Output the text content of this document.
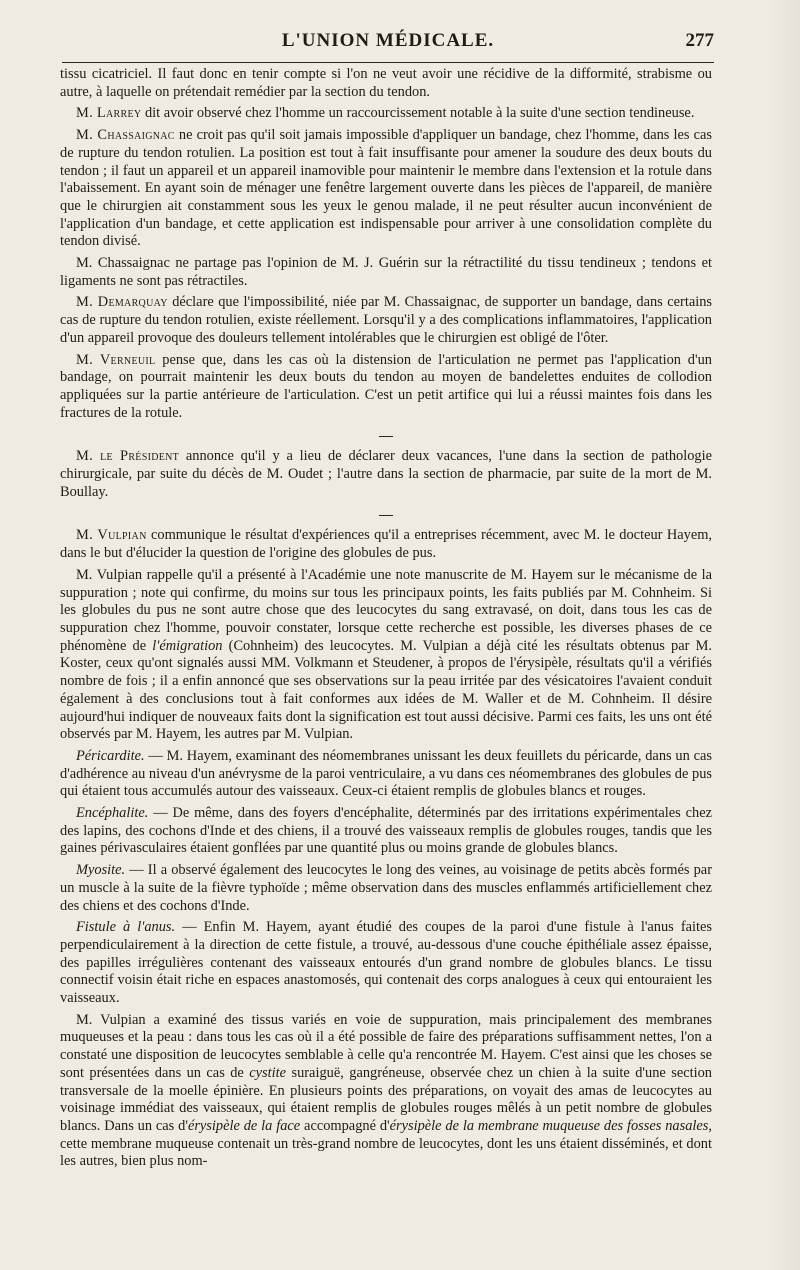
L'UNION MÉDICALE.	277

tissu cicatriciel. Il faut donc en tenir compte si l'on ne veut avoir une récidive de la difformité, strabisme ou autre, à laquelle on prétendait remédier par la section du tendon.

M. Larrey dit avoir observé chez l'homme un raccourcissement notable à la suite d'une section tendineuse.

M. Chassaignac ne croit pas qu'il soit jamais impossible d'appliquer un bandage, chez l'homme, dans les cas de rupture du tendon rotulien. La position est tout à fait insuffisante pour amener la soudure des deux bouts du tendon ; il faut un appareil et un appareil inamovible pour maintenir le membre dans l'extension et la rotule dans l'abaissement. En ayant soin de ménager une fenêtre largement ouverte dans les pièces de l'appareil, de manière que le chirurgien ait constamment sous les yeux le genou malade, il ne peut résulter aucun inconvénient de l'application d'un bandage, et cette application est indispensable pour arriver à une consolidation complète du tendon divisé.

M. Chassaignac ne partage pas l'opinion de M. J. Guérin sur la rétractilité du tissu tendineux ; tendons et ligaments ne sont pas rétractiles.

M. Demarquay déclare que l'impossibilité, niée par M. Chassaignac, de supporter un bandage, dans certains cas de rupture du tendon rotulien, existe réellement. Lorsqu'il y a des complications inflammatoires, l'application d'un appareil provoque des douleurs tellement intolérables que le chirurgien est obligé de l'ôter.

M. Verneuil pense que, dans les cas où la distension de l'articulation ne permet pas l'application d'un bandage, on pourrait maintenir les deux bouts du tendon au moyen de bandelettes enduites de collodion appliquées sur la partie antérieure de l'articulation. C'est un petit artifice qui lui a réussi maintes fois dans les fractures de la rotule.

M. le Président annonce qu'il y a lieu de déclarer deux vacances, l'une dans la section de pathologie chirurgicale, par suite du décès de M. Oudet ; l'autre dans la section de pharmacie, par suite de la mort de M. Boullay.

M. Vulpian communique le résultat d'expériences qu'il a entreprises récemment, avec M. le docteur Hayem, dans le but d'élucider la question de l'origine des globules de pus.

M. Vulpian rappelle qu'il a présenté à l'Académie une note manuscrite de M. Hayem sur le mécanisme de la suppuration ; note qui confirme, du moins sur tous les principaux points, les faits publiés par M. Cohnheim. Si les globules du pus ne sont autre chose que des leucocytes du sang extravasé, on doit, dans tous les cas de suppuration chez l'homme, pouvoir constater, lorsque cette recherche est possible, les diverses phases de ce phénomène de l'émigration (Cohnheim) des leucocytes. M. Vulpian a déjà cité les résultats obtenus par M. Koster, ceux qu'ont signalés aussi MM. Volkmann et Steudener, à propos de l'érysipèle, résultats qu'il a vérifiés nombre de fois ; il a enfin annoncé que ses observations sur la peau irritée par des vésicatoires l'avaient conduit également à des conclusions tout à fait conformes aux idées de M. Waller et de M. Cohnheim. Il désire aujourd'hui indiquer de nouveaux faits dont la signification est tout aussi décisive. Parmi ces faits, les uns ont été observés par M. Hayem, les autres par M. Vulpian.

Péricardite. — M. Hayem, examinant des néomembranes unissant les deux feuillets du péricarde, dans un cas d'adhérence au niveau d'un anévrysme de la paroi ventriculaire, a vu dans ces néomembranes des globules de pus qui étaient tous accumulés autour des vaisseaux. Ceux-ci étaient remplis de globules blancs et rouges.

Encéphalite. — De même, dans des foyers d'encéphalite, déterminés par des irritations expérimentales chez des lapins, des cochons d'Inde et des chiens, il a trouvé des vaisseaux remplis de globules rouges, tandis que les gaines périvasculaires étaient gonflées par une quantité plus ou moins grande de globules blancs.

Myosite. — Il a observé également des leucocytes le long des veines, au voisinage de petits abcès formés par un muscle à la suite de la fièvre typhoïde ; même observation dans des muscles enflammés artificiellement chez des chiens et des cochons d'Inde.

Fistule à l'anus. — Enfin M. Hayem, ayant étudié des coupes de la paroi d'une fistule à l'anus faites perpendiculairement à la direction de cette fistule, a trouvé, au-dessous d'une couche épithéliale assez épaisse, des papilles irrégulières contenant des vaisseaux entourés d'un grand nombre de globules blancs. Le tissu connectif voisin était riche en espaces anastomosés, qui contenait des corps analogues à ceux qui entouraient les vaisseaux.

M. Vulpian a examiné des tissus variés en voie de suppuration, mais principalement des membranes muqueuses et la peau : dans tous les cas où il a été possible de faire des préparations suffisamment nettes, l'on a constaté une disposition de leucocytes semblable à celle qu'a rencontrée M. Hayem. C'est ainsi que les choses se sont présentées dans un cas de cystite suraiguë, gangréneuse, observée chez un chien à la suite d'une section transversale de la moelle épinière. En plusieurs points des préparations, on voyait des amas de leucocytes au voisinage immédiat des vaisseaux, qui étaient remplis de globules rouges mêlés à un petit nombre de globules blancs. Dans un cas d'érysipèle de la face accompagné d'érysipèle de la membrane muqueuse des fosses nasales, cette membrane muqueuse contenait un très-grand nombre de leucocytes, dont les uns étaient disséminés, et dont les autres, bien plus nom-
